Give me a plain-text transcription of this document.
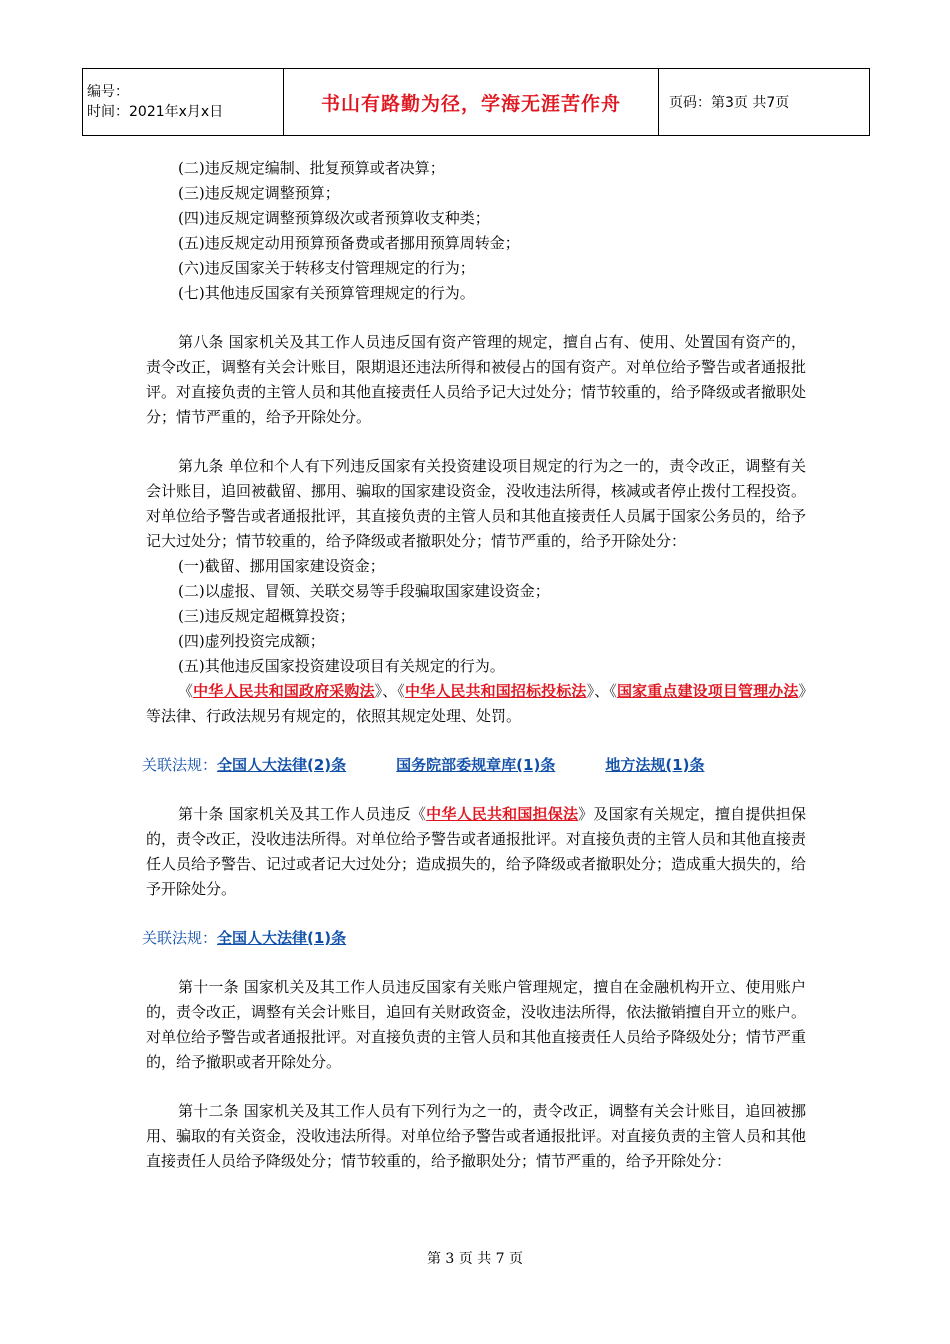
编号：
时间：2021年x月x日	书山有路勤为径，学海无涯苦作舟	页码：第3页 共7页
(二)违反规定编制、批复预算或者决算；
(三)违反规定调整预算；
(四)违反规定调整预算级次或者预算收支种类；
(五)违反规定动用预算预备费或者挪用预算周转金；
(六)违反国家关于转移支付管理规定的行为；
(七)其他违反国家有关预算管理规定的行为。

第八条 国家机关及其工作人员违反国有资产管理的规定，擅自占有、使用、处置国有资产的，责令改正，调整有关会计账目，限期退还违法所得和被侵占的国有资产。对单位给予警告或者通报批评。对直接负责的主管人员和其他直接责任人员给予记大过处分；情节较重的，给予降级或者撤职处分；情节严重的，给予开除处分。

第九条 单位和个人有下列违反国家有关投资建设项目规定的行为之一的，责令改正，调整有关会计账目，追回被截留、挪用、骗取的国家建设资金，没收违法所得，核减或者停止拨付工程投资。对单位给予警告或者通报批评，其直接负责的主管人员和其他直接责任人员属于国家公务员的，给予记大过处分；情节较重的，给予降级或者撤职处分；情节严重的，给予开除处分：

(一)截留、挪用国家建设资金；
(二)以虚报、冒领、关联交易等手段骗取国家建设资金；
(三)违反规定超概算投资；
(四)虚列投资完成额；
(五)其他违反国家投资建设项目有关规定的行为。

《中华人民共和国政府采购法》、《中华人民共和国招标投标法》、《国家重点建设项目管理办法》等法律、行政法规另有规定的，依照其规定处理、处罚。

关联法规：全国人大法律(2)条	国务院部委规章库(1)条	地方法规(1)条

第十条 国家机关及其工作人员违反《中华人民共和国担保法》及国家有关规定，擅自提供担保的，责令改正，没收违法所得。对单位给予警告或者通报批评。对直接负责的主管人员和其他直接责任人员给予警告、记过或者记大过处分；造成损失的，给予降级或者撤职处分；造成重大损失的，给予开除处分。

关联法规：全国人大法律(1)条

第十一条 国家机关及其工作人员违反国家有关账户管理规定，擅自在金融机构开立、使用账户的，责令改正，调整有关会计账目，追回有关财政资金，没收违法所得，依法撤销擅自开立的账户。对单位给予警告或者通报批评。对直接负责的主管人员和其他直接责任人员给予降级处分；情节严重的，给予撤职或者开除处分。

第十二条 国家机关及其工作人员有下列行为之一的，责令改正，调整有关会计账目，追回被挪用、骗取的有关资金，没收违法所得。对单位给予警告或者通报批评。对直接负责的主管人员和其他直接责任人员给予降级处分；情节较重的，给予撤职处分；情节严重的，给予开除处分：

第 3 页 共 7 页
